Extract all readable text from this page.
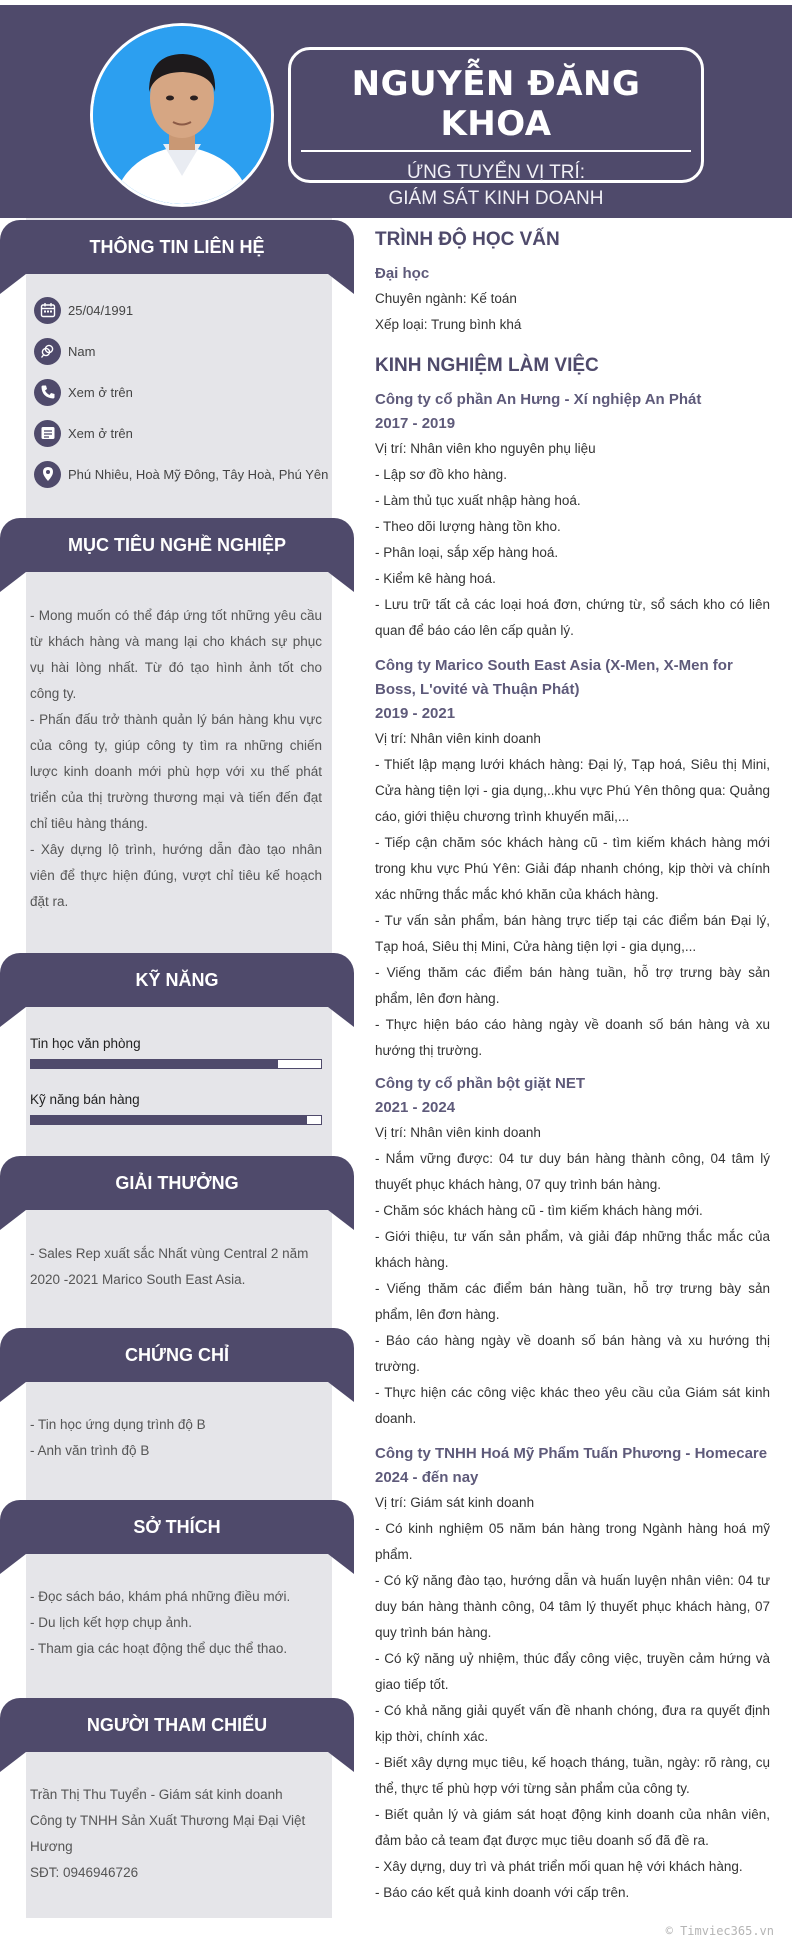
NGUYỄN ĐĂNG KHOA
ỨNG TUYỂN VỊ TRÍ:
GIÁM SÁT KINH DOANH
THÔNG TIN LIÊN HỆ
25/04/1991
Nam
Xem ở trên
Xem ở trên
Phú Nhiêu, Hoà Mỹ Đông, Tây Hoà, Phú Yên
MỤC TIÊU NGHỀ NGHIỆP
- Mong muốn có thể đáp ứng tốt những yêu cầu từ khách hàng và mang lại cho khách sự phục vụ hài lòng nhất. Từ đó tạo hình ảnh tốt cho công ty.
- Phấn đấu trở thành quản lý bán hàng khu vực của công ty, giúp công ty tìm ra những chiến lược kinh doanh mới phù hợp với xu thế phát triển của thị trường thương mại và tiến đến đạt chỉ tiêu hàng tháng.
- Xây dựng lộ trình, hướng dẫn đào tạo nhân viên để thực hiện đúng, vượt chỉ tiêu kế hoạch đặt ra.
KỸ NĂNG
Tin học văn phòng
Kỹ năng bán hàng
GIẢI THƯỞNG
- Sales Rep xuất sắc Nhất vùng Central 2 năm 2020 -2021 Marico South East Asia.
CHỨNG CHỈ
- Tin học ứng dụng trình độ B
- Anh văn trình độ B
SỞ THÍCH
- Đọc sách báo, khám phá những điều mới.
- Du lịch kết hợp chụp ảnh.
- Tham gia các hoạt động thể dục thể thao.
NGƯỜI THAM CHIẾU
Trần Thị Thu Tuyển - Giám sát kinh doanh
Công ty TNHH Sản Xuất Thương Mại Đại Việt Hương
SĐT: 0946946726
TRÌNH ĐỘ HỌC VẤN
Đại học
Chuyên ngành: Kế toán
Xếp loại: Trung bình khá
KINH NGHIỆM LÀM VIỆC
Công ty cổ phần An Hưng - Xí nghiệp An Phát
2017 - 2019
Vị trí: Nhân viên kho nguyên phụ liệu
- Lập sơ đồ kho hàng.
- Làm thủ tục xuất nhập hàng hoá.
- Theo dõi lượng hàng tồn kho.
- Phân loại, sắp xếp hàng hoá.
- Kiểm kê hàng hoá.
- Lưu trữ tất cả các loại hoá đơn, chứng từ, sổ sách kho có liên quan để báo cáo lên cấp quản lý.
Công ty Marico South East Asia (X-Men, X-Men for Boss, L'ovité và Thuận Phát)
2019 - 2021
Vị trí: Nhân viên kinh doanh
- Thiết lập mạng lưới khách hàng: Đại lý, Tạp hoá, Siêu thị Mini, Cửa hàng tiện lợi - gia dụng,..khu vực Phú Yên thông qua: Quảng cáo, giới thiệu chương trình khuyến mãi,...
- Tiếp cận chăm sóc khách hàng cũ - tìm kiếm khách hàng mới trong khu vực Phú Yên: Giải đáp nhanh chóng, kịp thời và chính xác những thắc mắc khó khăn của khách hàng.
- Tư vấn sản phẩm, bán hàng trực tiếp tại các điểm bán Đại lý, Tạp hoá, Siêu thị Mini, Cửa hàng tiện lợi - gia dụng,...
- Viếng thăm các điểm bán hàng tuần, hỗ trợ trưng bày sản phẩm, lên đơn hàng.
- Thực hiện báo cáo hàng ngày về doanh số bán hàng và xu hướng thị trường.
Công ty cổ phần bột giặt NET
2021 - 2024
Vị trí: Nhân viên kinh doanh
- Nắm vững được: 04 tư duy bán hàng thành công, 04 tâm lý thuyết phục khách hàng, 07 quy trình bán hàng.
- Chăm sóc khách hàng cũ - tìm kiếm khách hàng mới.
- Giới thiệu, tư vấn sản phẩm, và giải đáp những thắc mắc của khách hàng.
- Viếng thăm các điểm bán hàng tuần, hỗ trợ trưng bày sản phẩm, lên đơn hàng.
- Báo cáo hàng ngày về doanh số bán hàng và xu hướng thị trường.
- Thực hiện các công việc khác theo yêu cầu của Giám sát kinh doanh.
Công ty TNHH Hoá Mỹ Phẩm Tuấn Phương - Homecare
2024 - đến nay
Vị trí: Giám sát kinh doanh
- Có kinh nghiệm 05 năm bán hàng trong Ngành hàng hoá mỹ phẩm.
- Có kỹ năng đào tạo, hướng dẫn và huấn luyện nhân viên: 04 tư duy bán hàng thành công, 04 tâm lý thuyết phục khách hàng, 07 quy trình bán hàng.
- Có kỹ năng uỷ nhiệm, thúc đẩy công việc, truyền cảm hứng và giao tiếp tốt.
- Có khả năng giải quyết vấn đề nhanh chóng, đưa ra quyết định kịp thời, chính xác.
- Biết xây dựng mục tiêu, kế hoạch tháng, tuần, ngày: rõ ràng, cụ thể, thực tế phù hợp với từng sản phẩm của công ty.
- Biết quản lý và giám sát hoạt động kinh doanh của nhân viên, đảm bảo cả team đạt được mục tiêu doanh số đã đề ra.
- Xây dựng, duy trì và phát triển mối quan hệ với khách hàng.
- Báo cáo kết quả kinh doanh với cấp trên.
© Timviec365.vn
